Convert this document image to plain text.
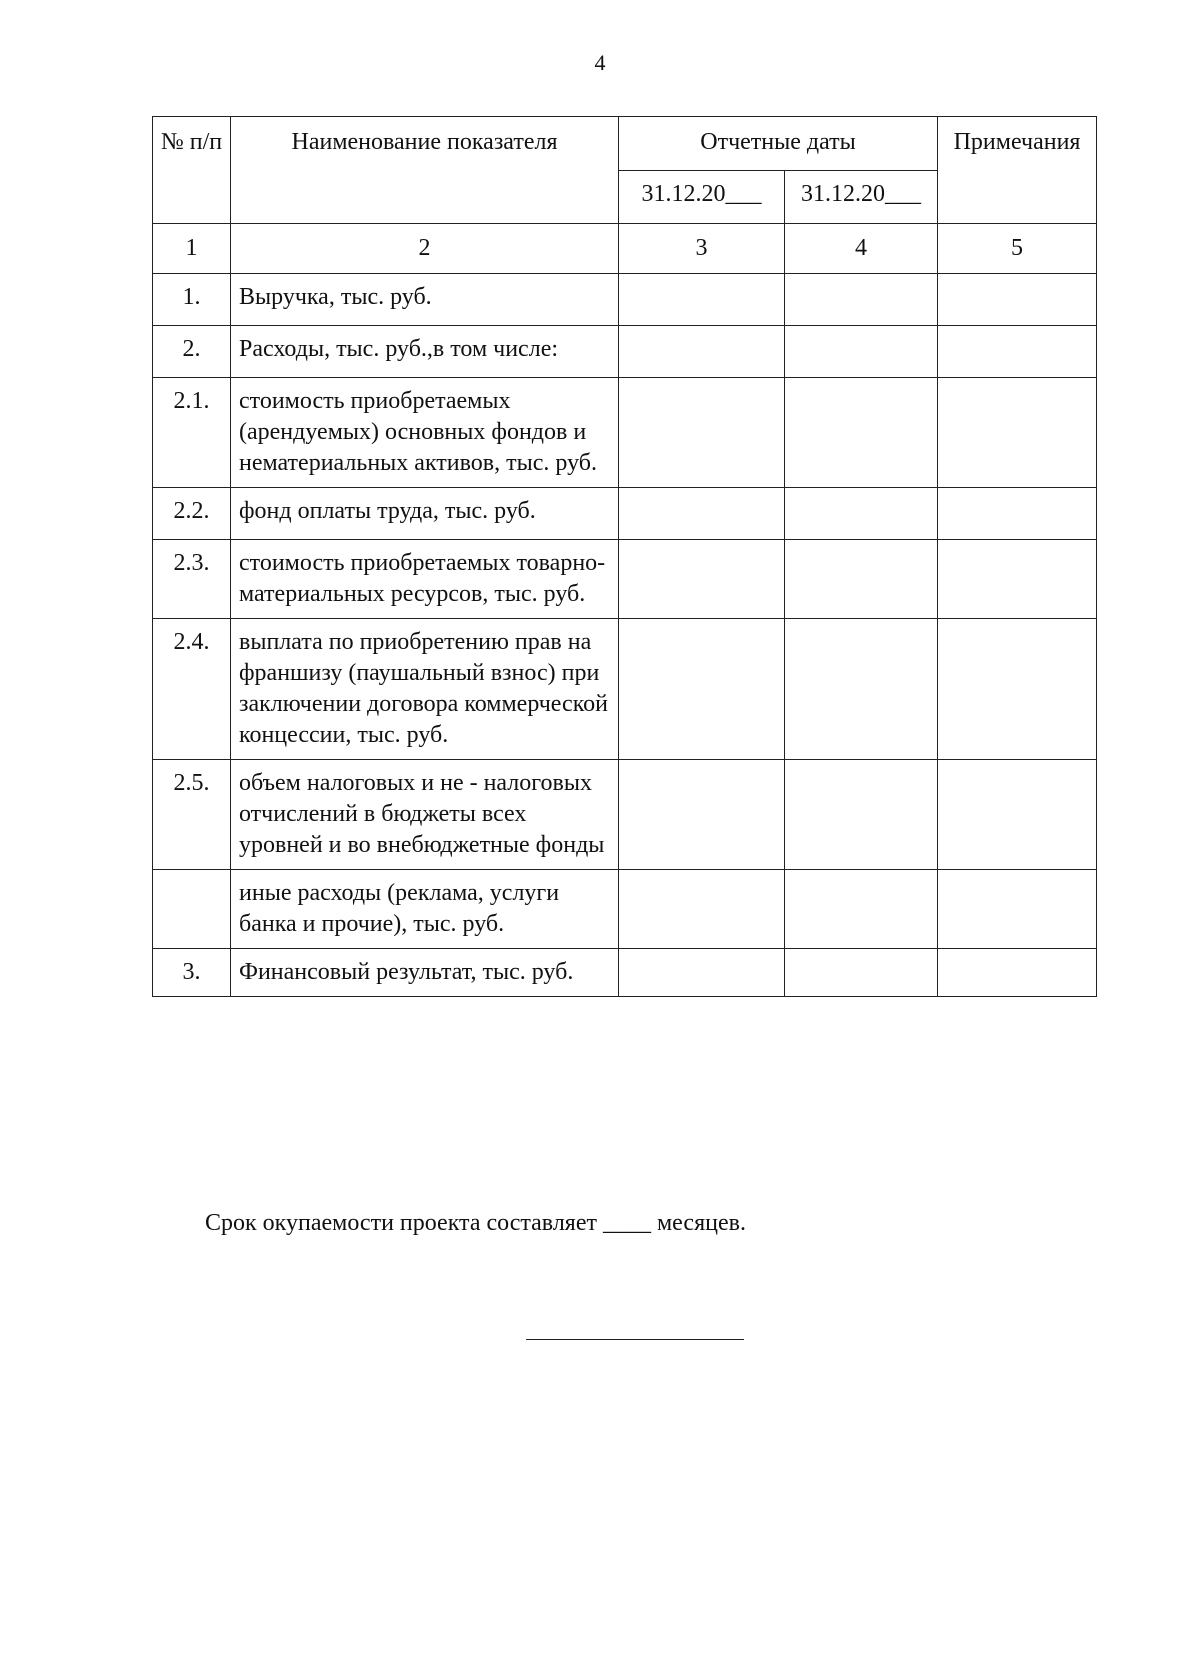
4
№ п/п	Наименование показателя	Отчетные даты		Примечания
		31.12.20___	31.12.20___	
1	2	3	4	5
1.	Выручка, тыс. руб.			
2.	Расходы, тыс. руб.,в том числе:			
2.1.	стоимость приобретаемых (арендуемых) основных фондов и нематериальных активов, тыс. руб.			
2.2.	фонд оплаты труда, тыс. руб.			
2.3.	стоимость приобретаемых товарно-материальных ресурсов, тыс. руб.			
2.4.	выплата по приобретению прав на франшизу (паушальный взнос) при заключении договора коммерческой концессии, тыс. руб.			
2.5.	объем налоговых и не - налоговых отчислений в бюджеты всех уровней и во внебюджетные фонды			
	иные расходы (реклама, услуги банка и прочие), тыс. руб.			
3.	Финансовый результат, тыс. руб.			
Срок окупаемости проекта составляет ____ месяцев.
